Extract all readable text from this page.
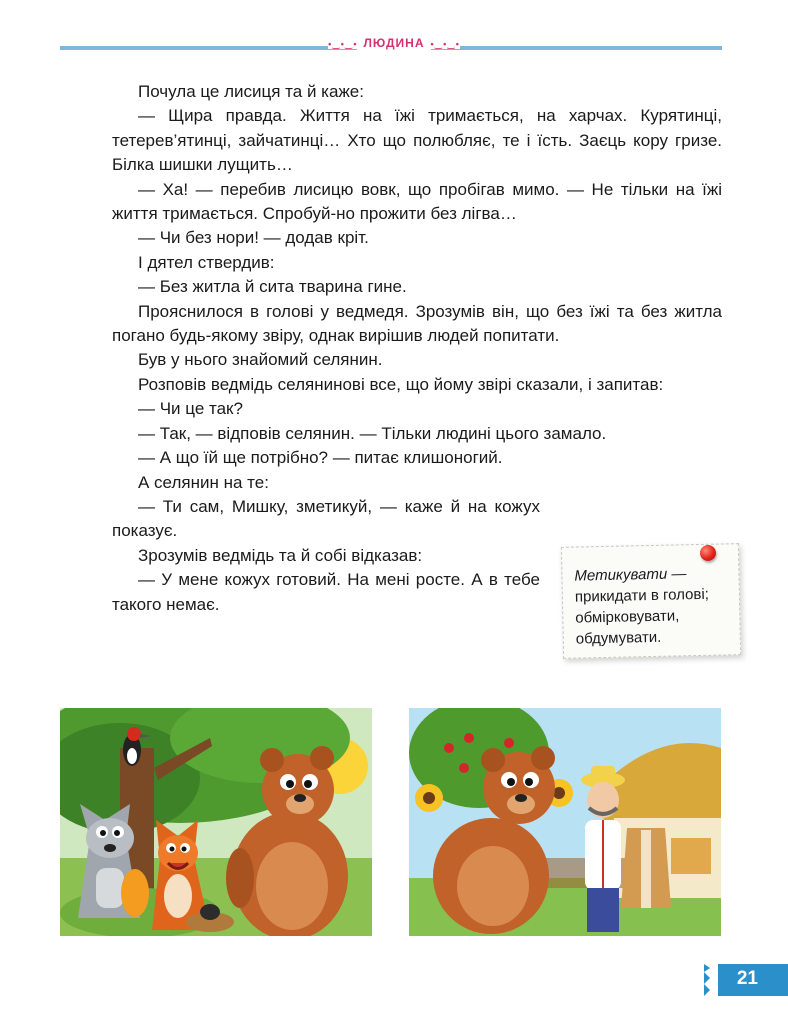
•‿•‿• ЛЮДИНА •‿•‿•

Почула це лисиця та й каже:

— Щира правда. Життя на їжі тримається, на харчах. Курятинці, тетерев’ятинці, зайчатинці… Хто що полюбляє, те і їсть. Заєць кору гризе. Білка шишки лущить…

— Ха! — перебив лисицю вовк, що пробігав мимо. — Не тільки на їжі життя тримається. Спробуй-но прожити без лігва…

— Чи без нори! — додав кріт.

І дятел ствердив:

— Без житла й сита тварина гине.

Прояснилося в голові у ведмедя. Зрозумів він, що без їжі та без житла погано будь-якому звіру, однак вирішив людей попитати.

Був у нього знайомий селянин.

Розповів ведмідь селянинові все, що йому звірі сказали, і запитав:

— Чи це так?

— Так, — відповів селянин. — Тільки людині цього замало.

— А що їй ще потрібно? — питає клишоногий.

А селянин на те:

— Ти сам, Мишку, зметикуй, — каже й на кожух показує.

Зрозумів ведмідь та й собі відказав:

— У мене кожух готовий. На мені росте. А в тебе такого немає.

Метикувати — прикидати в голові; обмірковувати, обдумувати.
21
